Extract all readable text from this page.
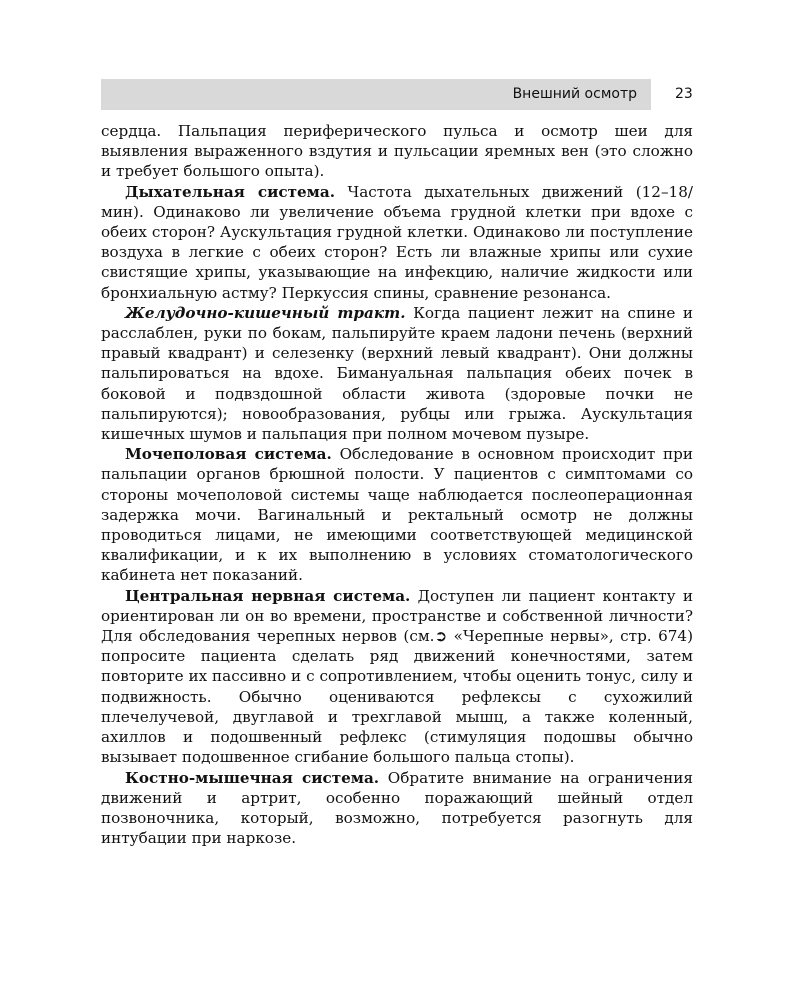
Внешний осмотр	23

сердца. Пальпация периферического пульса и осмотр шеи для выявления выраженного вздутия и пульсации яремных вен (это сложно и требует большого опыта).

Дыхательная система. Частота дыхательных движений (12–18/мин). Одинаково ли увеличение объема грудной клетки при вдохе с обеих сторон? Аускультация грудной клетки. Одинаково ли поступление воздуха в легкие с обеих сторон? Есть ли влажные хрипы или сухие свистящие хрипы, указывающие на инфекцию, наличие жидкости или бронхиальную астму? Перкуссия спины, сравнение резонанса.

Желудочно-кишечный тракт. Когда пациент лежит на спине и расслаблен, руки по бокам, пальпируйте краем ладони печень (верхний правый квадрант) и селезенку (верхний левый квадрант). Они должны пальпироваться на вдохе. Бимануальная пальпация обеих почек в боковой и подвздошной области живота (здоровые почки не пальпируются); новообразования, рубцы или грыжа. Аускультация кишечных шумов и пальпация при полном мочевом пузыре.

Мочеполовая система. Обследование в основном происходит при пальпации органов брюшной полости. У пациентов с симптомами со стороны мочеполовой системы чаще наблюдается послеоперационная задержка мочи. Вагинальный и ректальный осмотр не должны проводиться лицами, не имеющими соответствующей медицинской квалификации, и к их выполнению в условиях стоматологического кабинета нет показаний.

Центральная нервная система. Доступен ли пациент контакту и ориентирован ли он во времени, пространстве и собственной личности? Для обследования черепных нервов (см.➲ «Черепные нервы», стр. 674) попросите пациента сделать ряд движений конечностями, затем повторите их пассивно и с сопротивлением, чтобы оценить тонус, силу и подвижность. Обычно оцениваются рефлексы с сухожилий плечелучевой, двуглавой и трехглавой мышц, а также коленный, ахиллов и подошвенный рефлекс (стимуляция подошвы обычно вызывает подошвенное сгибание большого пальца стопы).

Костно-мышечная система. Обратите внимание на ограничения движений и артрит, особенно поражающий шейный отдел позвоночника, который, возможно, потребуется разогнуть для интубации при наркозе.
